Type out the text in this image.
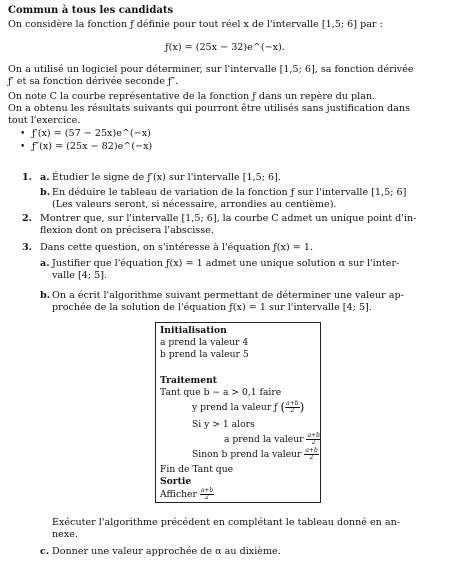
Commun à tous les candidats
On considère la fonction ƒ définie pour tout réel x de l'intervalle [1,5; 6] par :
ƒ(x) = (25x − 32)e^(−x).
On a utilisé un logiciel pour déterminer, sur l'intervalle [1,5; 6], sa fonction dérivée
ƒ′ et sa fonction dérivée seconde ƒ″.
On note C la courbe représentative de la fonction ƒ dans un repère du plan.
On a obtenu les résultats suivants qui pourront être utilisés sans justification dans
tout l'exercice.
• ƒ′(x) = (57 − 25x)e^(−x)
• ƒ″(x) = (25x − 82)e^(−x)
1. a. Étudier le signe de ƒ′(x) sur l'intervalle [1,5; 6].
b. En déduire le tableau de variation de la fonction ƒ sur l'intervalle [1,5; 6]
(Les valeurs seront, si nécessaire, arrondies au centième).
2. Montrer que, sur l'intervalle [1,5; 6], la courbe C admet un unique point d'in-
flexion dont on précisera l'abscisse.
3. Dans cette question, on s'intéresse à l'équation ƒ(x) = 1.
a. Justifier que l'équation ƒ(x) = 1 admet une unique solution α sur l'inter-
valle [4; 5].
b. On a écrit l'algorithme suivant permettant de déterminer une valeur ap-
prochée de la solution de l'équation ƒ(x) = 1 sur l'intervalle [4; 5].
Initialisation
a prend la valeur 4
b prend la valeur 5
Traitement
Tant que b − a > 0,1 faire
y prend la valeur ƒ ( $\frac{a+b}{2}$ )
Si y > 1 alors
a prend la valeur $\frac{a+b}{2}$
Sinon b prend la valeur $\frac{a+b}{2}$
Fin de Tant que
Sortie
Afficher $\frac{a+b}{2}$
Exécuter l'algorithme précédent en complétant le tableau donné en an-
nexe.
c. Donner une valeur approchée de α au dixième.
